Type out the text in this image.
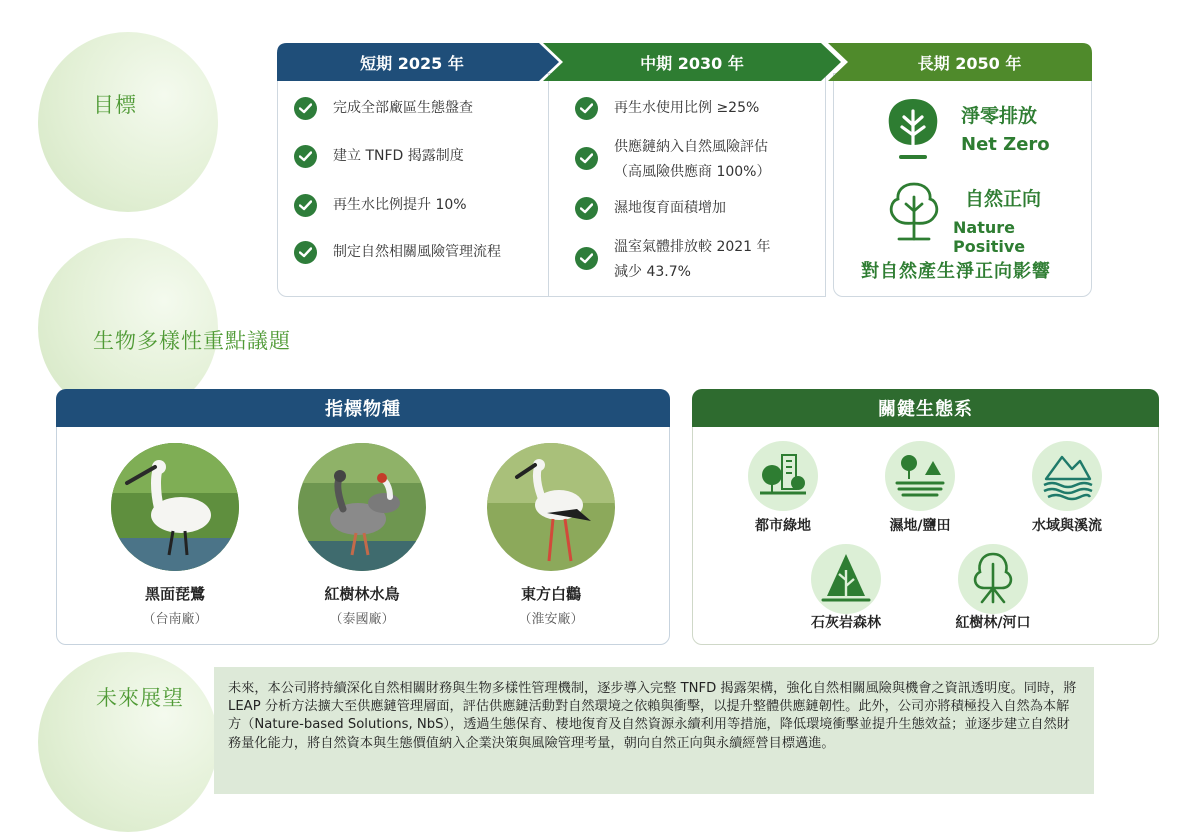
目標
生物多樣性重點議題
未來展望
短期 2025 年	中期 2030 年	長期 2050 年
完成全部廠區生態盤查
建立 TNFD 揭露制度
再生水比例提升 10%
制定自然相關風險管理流程
再生水使用比例 ≥25%
供應鏈納入自然風險評估
（高風險供應商 100%）
濕地復育面積增加
溫室氣體排放較 2021 年
減少 43.7%
淨零排放
Net Zero
自然正向
Nature Positive
對自然產生淨正向影響
指標物種
黑面琵鷺
（台南廠）
紅樹林水鳥
（泰國廠）
東方白鸛
（淮安廠）
關鍵生態系
都市綠地	濕地/鹽田	水域與溪流
石灰岩森林	紅樹林/河口
未來，本公司將持續深化自然相關財務與生物多樣性管理機制，逐步導入完整 TNFD 揭露架構，強化自然相關風險與機會之資訊透明度。同時，將 LEAP 分析方法擴大至供應鏈管理層面，評估供應鏈活動對自然環境之依賴與衝擊，以提升整體供應鏈韌性。此外，公司亦將積極投入自然為本解方（Nature-based Solutions, NbS），透過生態保育、棲地復育及自然資源永續利用等措施，降低環境衝擊並提升生態效益；並逐步建立自然財務量化能力，將自然資本與生態價值納入企業決策與風險管理考量，朝向自然正向與永續經營目標邁進。
